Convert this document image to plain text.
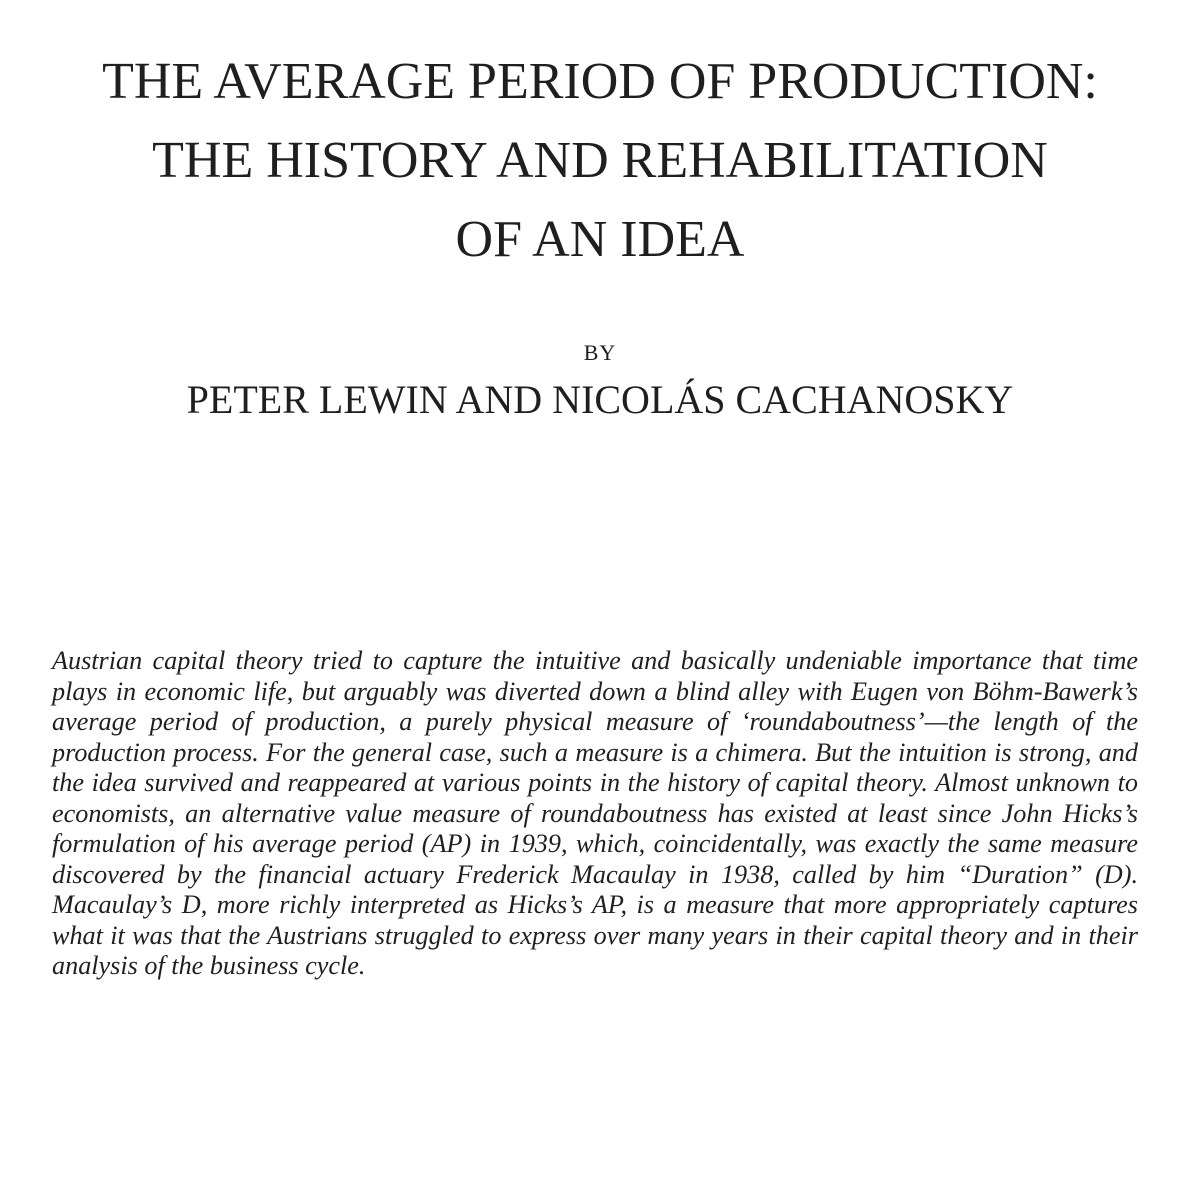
THE AVERAGE PERIOD OF PRODUCTION:
THE HISTORY AND REHABILITATION
OF AN IDEA
BY
PETER LEWIN AND NICOLÁS CACHANOSKY

Austrian capital theory tried to capture the intuitive and basically undeniable importance that time plays in economic life, but arguably was diverted down a blind alley with Eugen von Böhm-Bawerk’s average period of production, a purely physical measure of ‘roundaboutness’—the length of the production process. For the general case, such a measure is a chimera. But the intuition is strong, and the idea survived and reappeared at various points in the history of capital theory. Almost unknown to economists, an alternative value measure of roundaboutness has existed at least since John Hicks’s formulation of his average period (AP) in 1939, which, coincidentally, was exactly the same measure discovered by the financial actuary Frederick Macaulay in 1938, called by him “Duration” (D). Macaulay’s D, more richly interpreted as Hicks’s AP, is a measure that more appropriately captures what it was that the Austrians struggled to express over many years in their capital theory and in their analysis of the business cycle.
